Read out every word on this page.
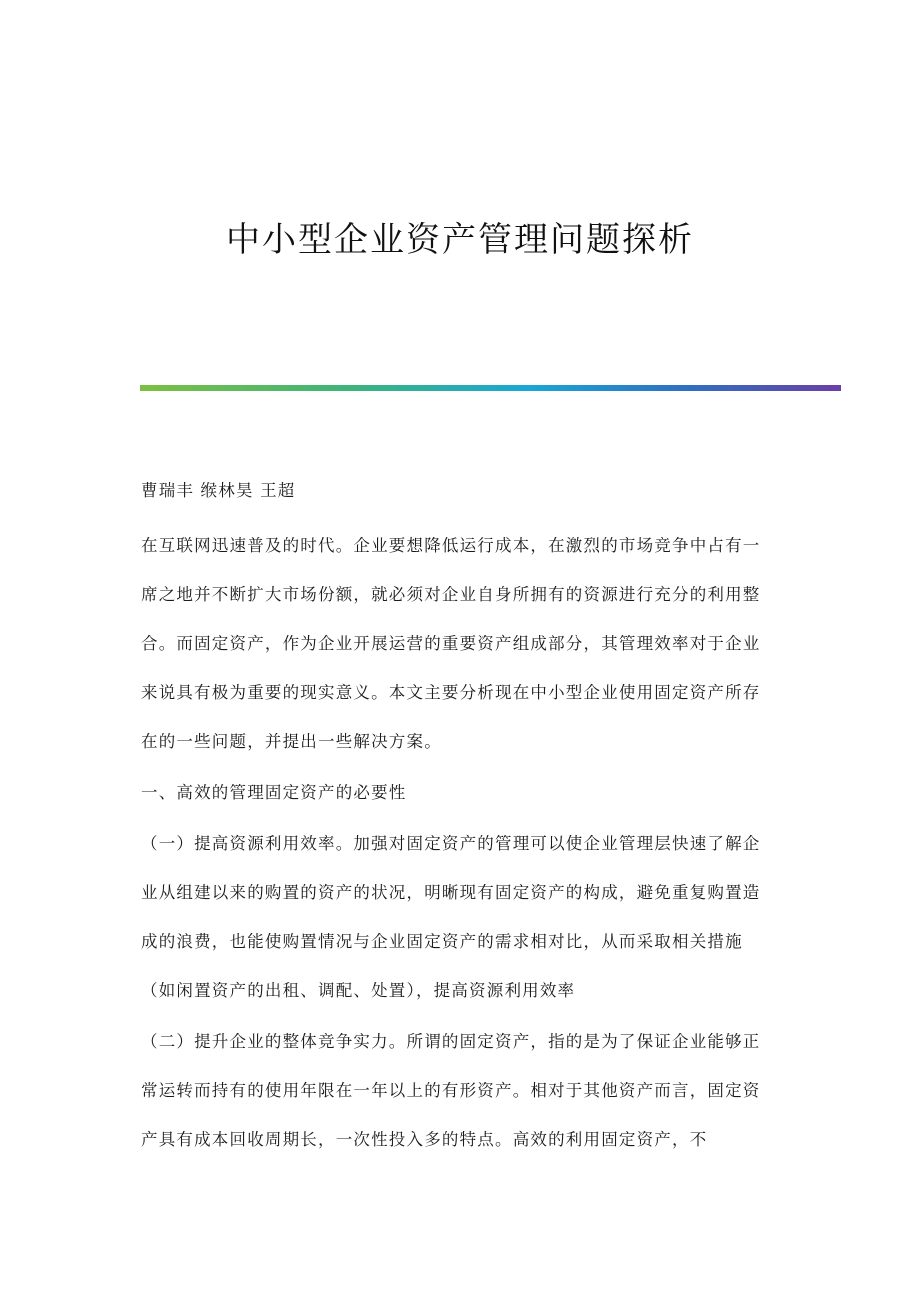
中小型企业资产管理问题探析

曹瑞丰 缑林昊 王超

在互联网迅速普及的时代。企业要想降低运行成本，在激烈的市场竞争中占有一席之地并不断扩大市场份额，就必须对企业自身所拥有的资源进行充分的利用整合。而固定资产，作为企业开展运营的重要资产组成部分，其管理效率对于企业来说具有极为重要的现实意义。本文主要分析现在中小型企业使用固定资产所存在的一些问题，并提出一些解决方案。

一、高效的管理固定资产的必要性

（一）提高资源利用效率。加强对固定资产的管理可以使企业管理层快速了解企业从组建以来的购置的资产的状况，明晰现有固定资产的构成，避免重复购置造成的浪费，也能使购置情况与企业固定资产的需求相对比，从而采取相关措施（如闲置资产的出租、调配、处置），提高资源利用效率

（二）提升企业的整体竞争实力。所谓的固定资产，指的是为了保证企业能够正常运转而持有的使用年限在一年以上的有形资产。相对于其他资产而言，固定资产具有成本回收周期长，一次性投入多的特点。高效的利用固定资产，不
